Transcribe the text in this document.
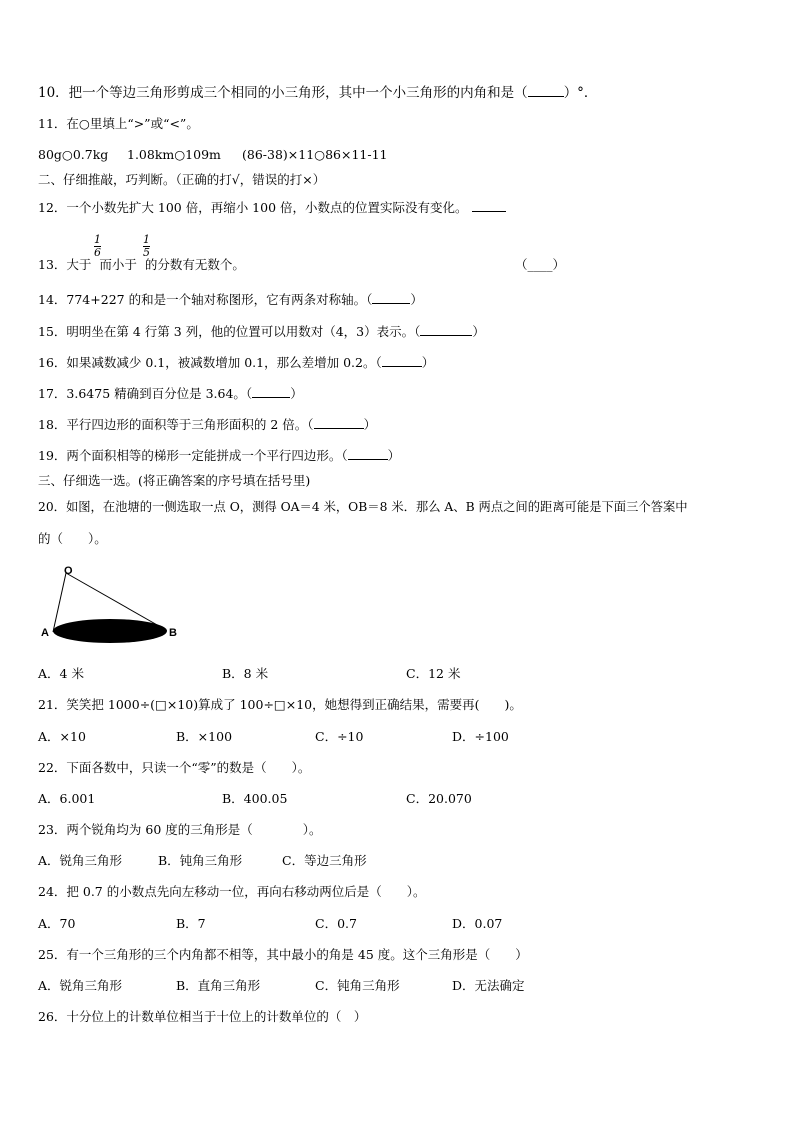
10．把一个等边三角形剪成三个相同的小三角形，其中一个小三角形的内角和是（	）°．
11．在○里填上“>”或“<”。
80g○0.7kg 1.08km○109m (86-38)×11○86×11-11
二、仔细推敲，巧判断。（正确的打√，错误的打×）
12．一个小数先扩大 100 倍，再缩小 100 倍，小数点的位置实际没有变化。
1
6
1
5
13．大于 而小于 的分数有无数个。	（____）
14．774+227 的和是一个轴对称图形，它有两条对称轴。（	）
15．明明坐在第 4 行第 3 列，他的位置可以用数对（4，3）表示。（	）
16．如果减数减少 0.1，被减数增加 0.1，那么差增加 0.2。（	）
17．3.6475 精确到百分位是 3.64。（	）
18．平行四边形的面积等于三角形面积的 2 倍。（	）
19．两个面积相等的梯形一定能拼成一个平行四边形。（	）
三、仔细选一选。(将正确答案的序号填在括号里)
20．如图，在池塘的一侧选取一点 O，测得 OA＝4 米，OB＝8 米．那么 A、B 两点之间的距离可能是下面三个答案中
的（　　）。
O
A	B
A．4 米	B．8 米	C．12 米
21．笑笑把 1000÷(□×10)算成了 100÷□×10，她想得到正确结果，需要再(　　)。
A．×10	B．×100	C．÷10	D．÷100
22．下面各数中，只读一个“零”的数是（　　）。
A．6.001	B．400.05	C．20.070
23．两个锐角均为 60 度的三角形是（　　　　）。
A．锐角三角形	B．钝角三角形	C．等边三角形
24．把 0.7 的小数点先向左移动一位，再向右移动两位后是（　　）。
A．70	B．7	C．0.7	D．0.07
25．有一个三角形的三个内角都不相等，其中最小的角是 45 度。这个三角形是（　　）
A．锐角三角形	B．直角三角形	C．钝角三角形	D．无法确定
26．十分位上的计数单位相当于十位上的计数单位的（　）
